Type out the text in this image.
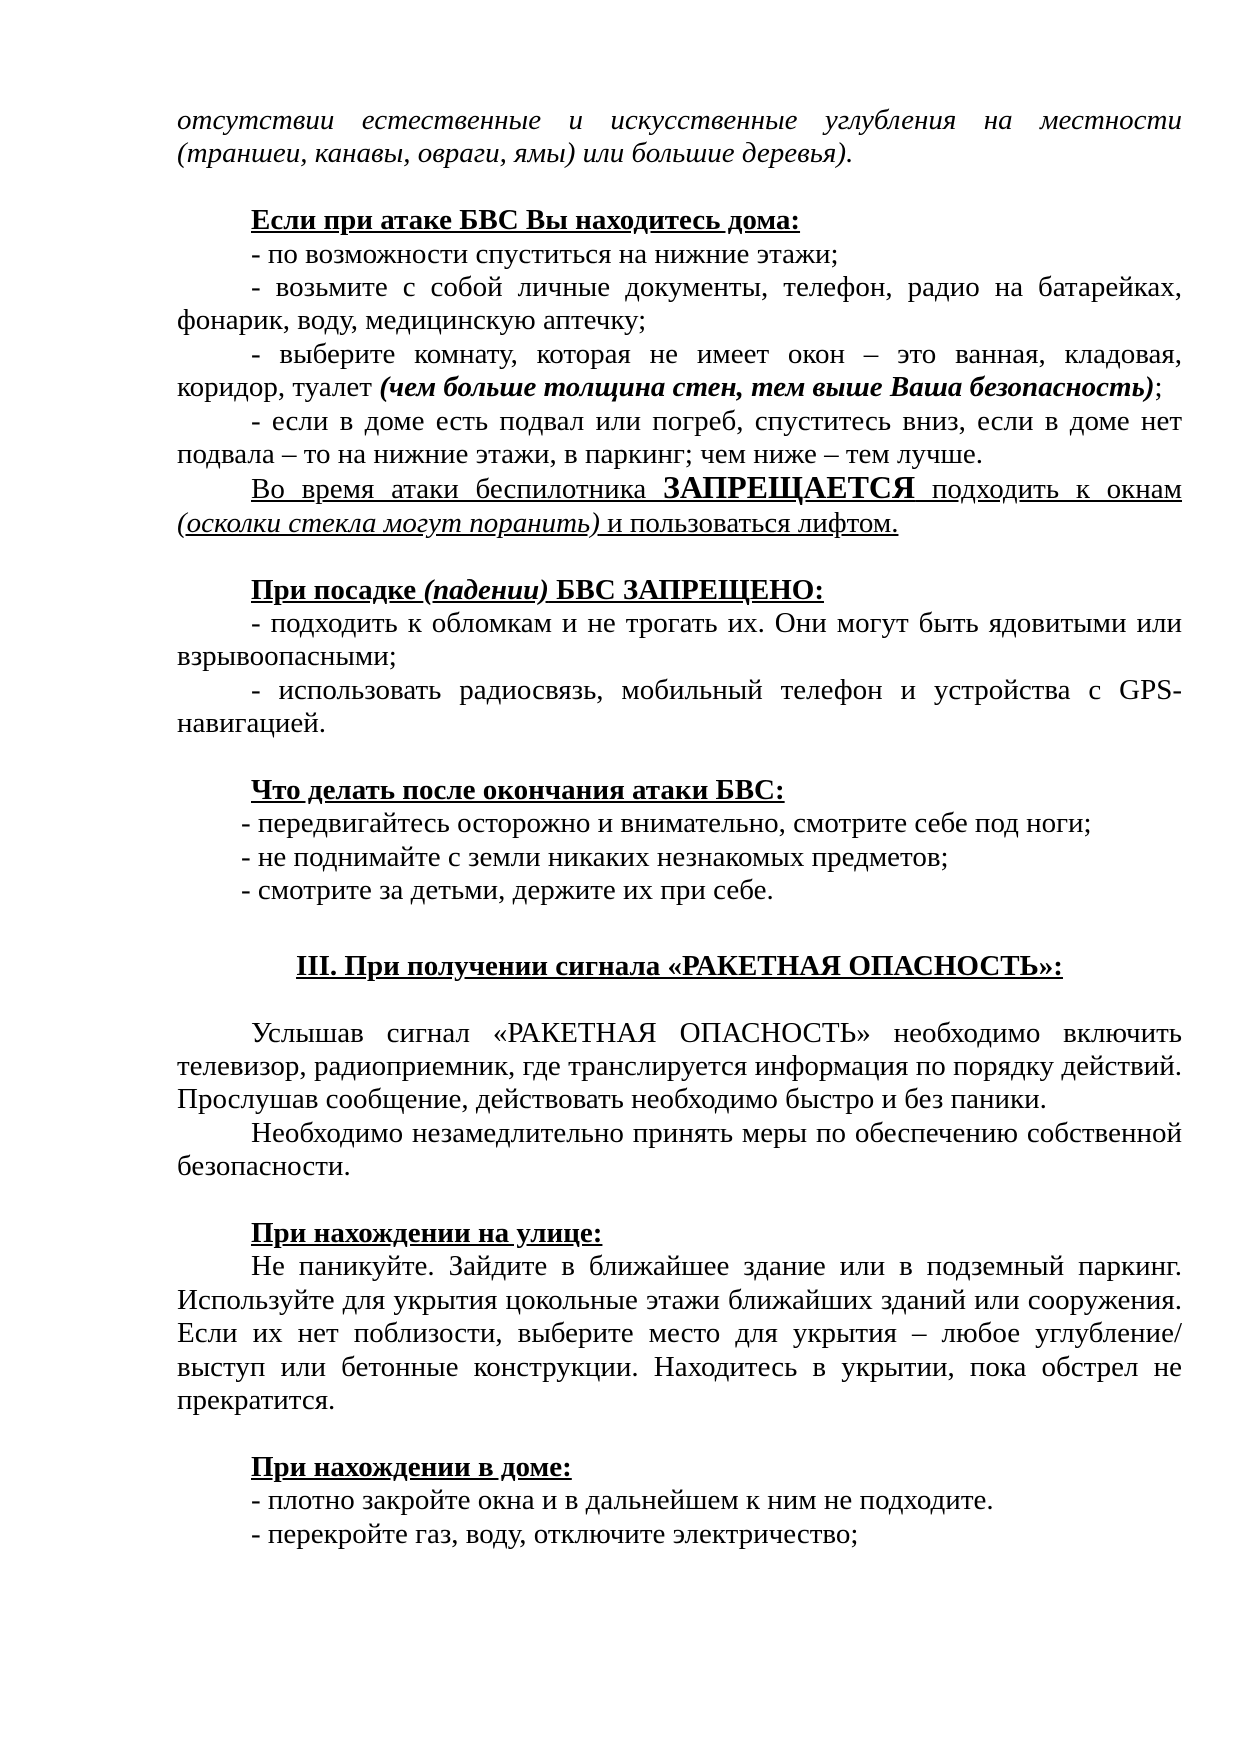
отсутствии естественные и искусственные углубления на местности (траншеи, канавы, овраги, ямы) или большие деревья).

Если при атаке БВС Вы находитесь дома:

- по возможности спуститься на нижние этажи;

- возьмите с собой личные документы, телефон, радио на батарейках, фонарик, воду, медицинскую аптечку;

- выберите комнату, которая не имеет окон – это ванная, кладовая, коридор, туалет (чем больше толщина стен, тем выше Ваша безопасность);

- если в доме есть подвал или погреб, спуститесь вниз, если в доме нет подвала – то на нижние этажи, в паркинг; чем ниже – тем лучше.

Во время атаки беспилотника ЗАПРЕЩАЕТСЯ подходить к окнам (осколки стекла могут поранить) и пользоваться лифтом.

При посадке (падении) БВС ЗАПРЕЩЕНО:

- подходить к обломкам и не трогать их. Они могут быть ядовитыми или взрывоопасными;

- использовать радиосвязь, мобильный телефон и устройства с GPS-навигацией.

Что делать после окончания атаки БВС:

- передвигайтесь осторожно и внимательно, смотрите себе под ноги;

- не поднимайте с земли никаких незнакомых предметов;

- смотрите за детьми, держите их при себе.

III. При получении сигнала «РАКЕТНАЯ ОПАСНОСТЬ»:

Услышав сигнал «РАКЕТНАЯ ОПАСНОСТЬ» необходимо включить телевизор, радиоприемник, где транслируется информация по порядку действий. Прослушав сообщение, действовать необходимо быстро и без паники.

Необходимо незамедлительно принять меры по обеспечению собственной безопасности.

При нахождении на улице:

Не паникуйте. Зайдите в ближайшее здание или в подземный паркинг. Используйте для укрытия цокольные этажи ближайших зданий или сооружения. Если их нет поблизости, выберите место для укрытия – любое углубление/выступ или бетонные конструкции. Находитесь в укрытии, пока обстрел не прекратится.

При нахождении в доме:

- плотно закройте окна и в дальнейшем к ним не подходите.

- перекройте газ, воду, отключите электричество;
